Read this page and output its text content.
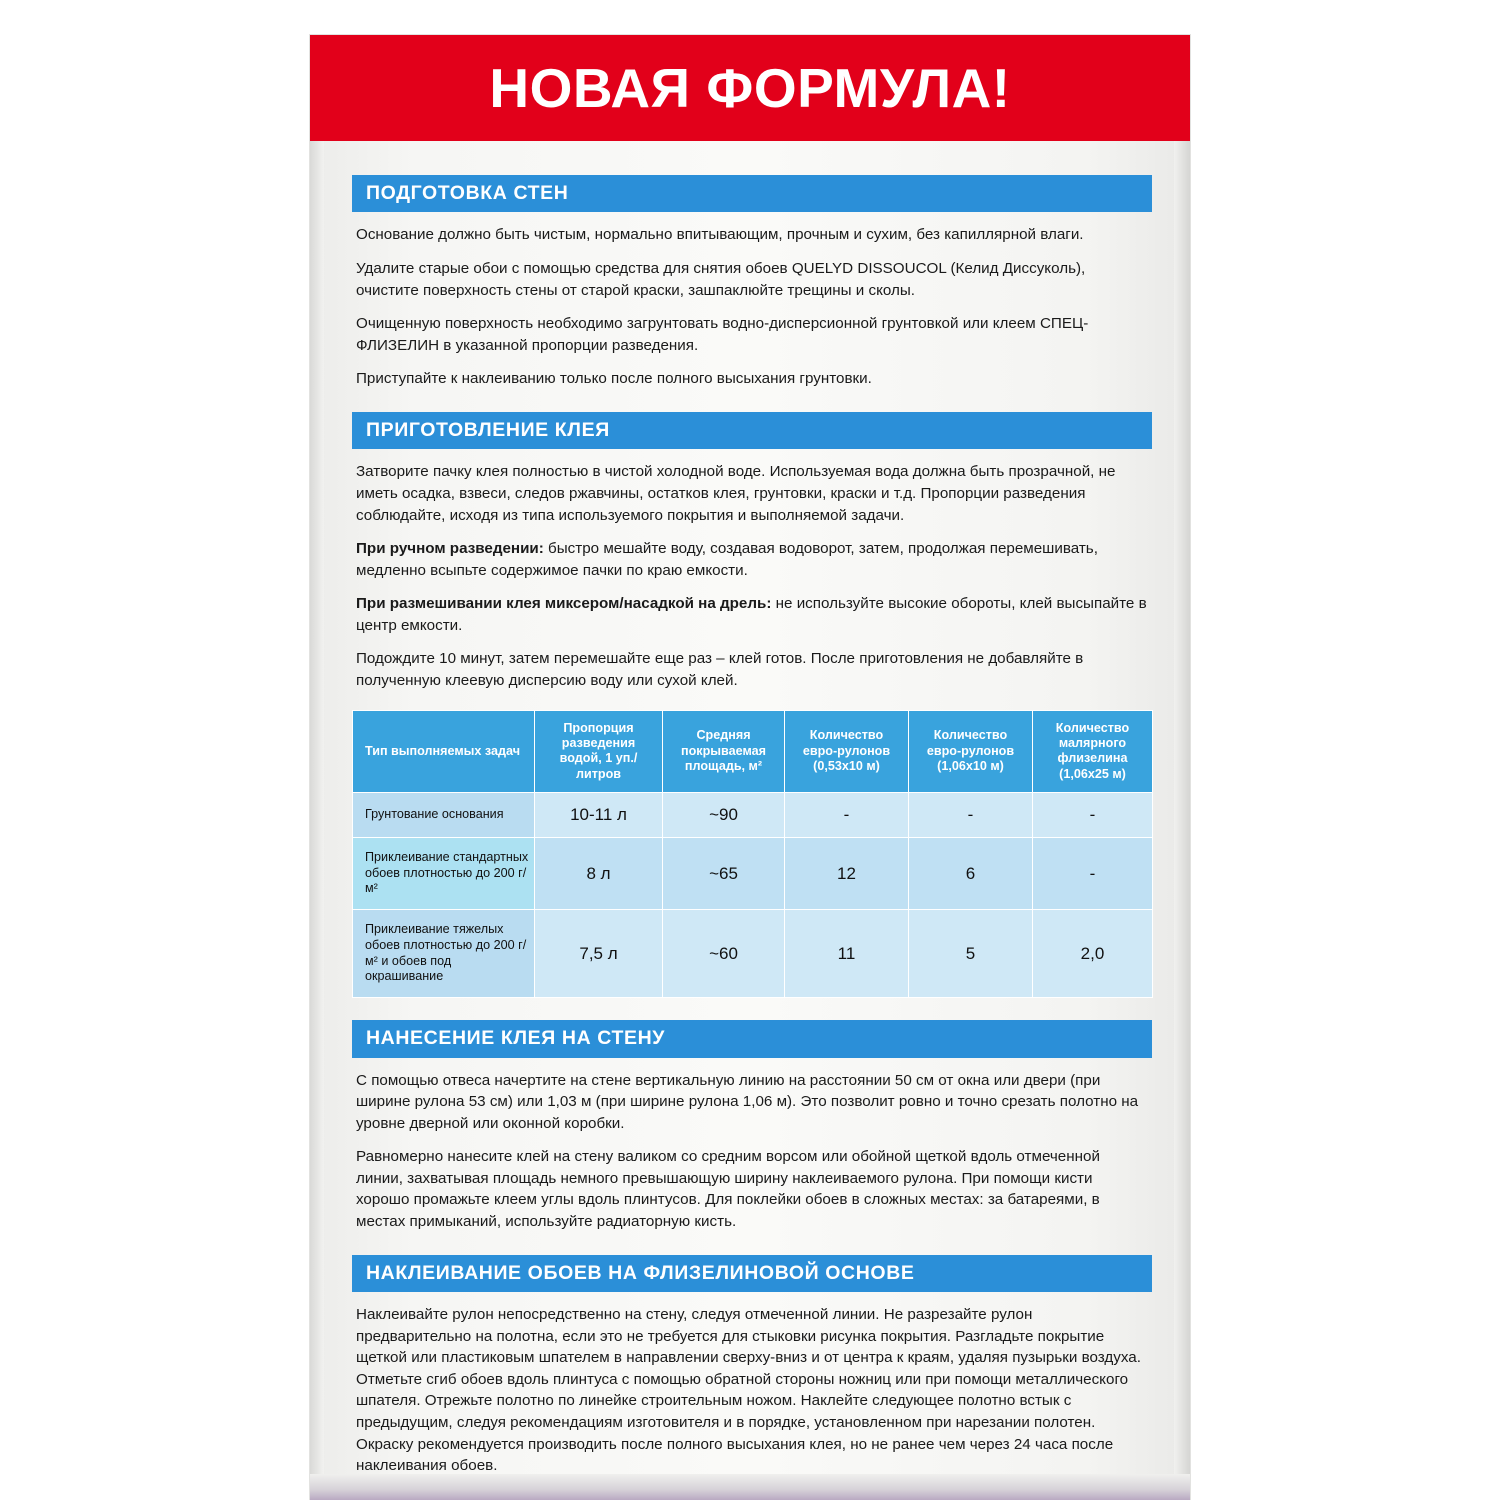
НОВАЯ ФОРМУЛА!
ПОДГОТОВКА СТЕН

Основание должно быть чистым, нормально впитывающим, прочным и сухим, без капиллярной влаги.

Удалите старые обои с помощью средства для снятия обоев QUELYD DISSOUCOL (Келид Диссуколь), очистите поверхность стены от старой краски, зашпаклюйте трещины и сколы.

Очищенную поверхность необходимо загрунтовать водно-дисперсионной грунтовкой или клеем СПЕЦ-ФЛИЗЕЛИН в указанной пропорции разведения.

Приступайте к наклеиванию только после полного высыхания грунтовки.

ПРИГОТОВЛЕНИЕ КЛЕЯ

Затворите пачку клея полностью в чистой холодной воде. Используемая вода должна быть прозрачной, не иметь осадка, взвеси, следов ржавчины, остатков клея, грунтовки, краски и т.д. Пропорции разведения соблюдайте, исходя из типа используемого покрытия и выполняемой задачи.

При ручном разведении: быстро мешайте воду, создавая водоворот, затем, продолжая перемешивать, медленно всыпьте содержимое пачки по краю емкости.

При размешивании клея миксером/насадкой на дрель: не используйте высокие обороты, клей высыпайте в центр емкости.

Подождите 10 минут, затем перемешайте еще раз – клей готов. После приготовления не добавляйте в полученную клеевую дисперсию воду или сухой клей.

Тип выполняемых задач	Пропорция разведения водой, 1 уп./литров	Средняя покрываемая площадь, м²	Количество евро-рулонов (0,53х10 м)	Количество евро-рулонов (1,06х10 м)	Количество малярного флизелина (1,06х25 м)
Грунтование основания	10-11 л	~90	-	-	-
Приклеивание стандартных обоев плотностью до 200 г/м²	8 л	~65	12	6	-
Приклеивание тяжелых обоев плотностью до 200 г/м² и обоев под окрашивание	7,5 л	~60	11	5	2,0
НАНЕСЕНИЕ КЛЕЯ НА СТЕНУ

С помощью отвеса начертите на стене вертикальную линию на расстоянии 50 см от окна или двери (при ширине рулона 53 см) или 1,03 м (при ширине рулона 1,06 м). Это позволит ровно и точно срезать полотно на уровне дверной или оконной коробки.

Равномерно нанесите клей на стену валиком со средним ворсом или обойной щеткой вдоль отмеченной линии, захватывая площадь немного превышающую ширину наклеиваемого рулона. При помощи кисти хорошо промажьте клеем углы вдоль плинтусов. Для поклейки обоев в сложных местах: за батареями, в местах примыканий, используйте радиаторную кисть.

НАКЛЕИВАНИЕ ОБОЕВ НА ФЛИЗЕЛИНОВОЙ ОСНОВЕ

Наклеивайте рулон непосредственно на стену, следуя отмеченной линии. Не разрезайте рулон предварительно на полотна, если это не требуется для стыковки рисунка покрытия. Разгладьте покрытие щеткой или пластиковым шпателем в направлении сверху-вниз и от центра к краям, удаляя пузырьки воздуха. Отметьте сгиб обоев вдоль плинтуса с помощью обратной стороны ножниц или при помощи металлического шпателя. Отрежьте полотно по линейке строительным ножом. Наклейте следующее полотно встык с предыдущим, следуя рекомендациям изготовителя и в порядке, установленном при нарезании полотен. Окраску рекомендуется производить после полного высыхания клея, но не ранее чем через 24 часа после наклеивания обоев.
